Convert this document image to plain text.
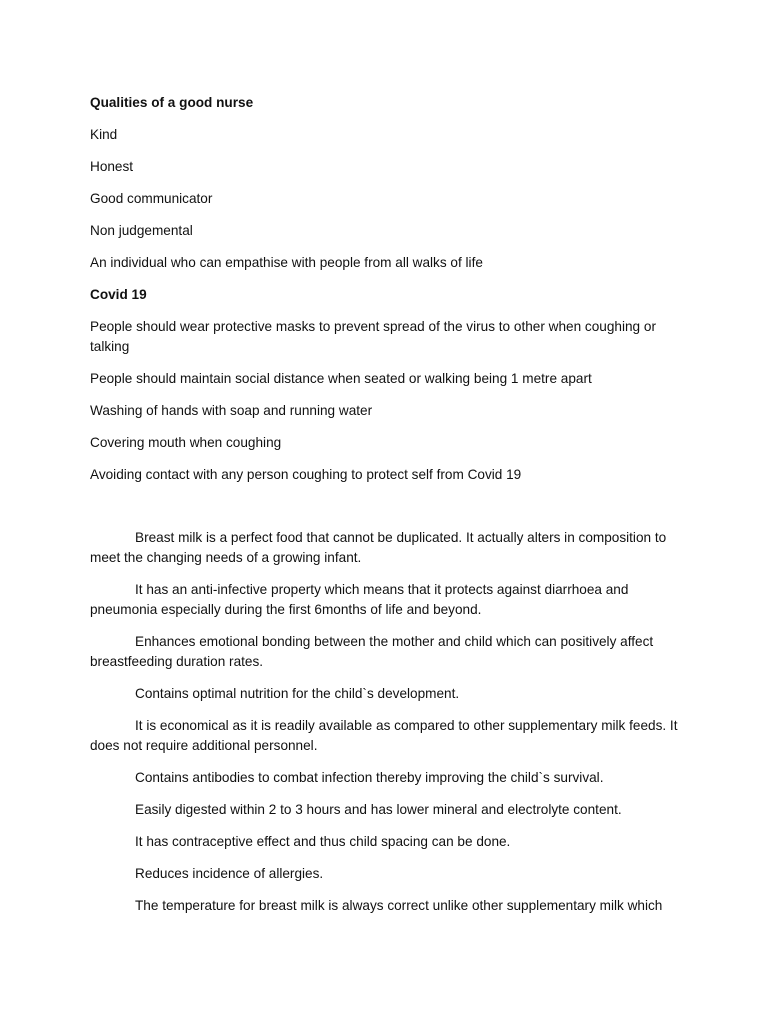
Qualities of a good nurse

Kind

Honest

Good communicator

Non judgemental

An individual who can empathise with people from all walks of life

Covid 19

People should wear protective masks to prevent spread of the virus to other when coughing or talking

People should maintain social distance when seated or walking being 1 metre apart

Washing of hands with soap and running water

Covering mouth when coughing

Avoiding contact with any person coughing to protect self from Covid 19

Breast milk is a perfect food that cannot be duplicated. It actually alters in composition to meet the changing needs of a growing infant.

It has an anti-infective property which means that it protects against diarrhoea and pneumonia especially during the first 6months of life and beyond.

Enhances emotional bonding between the mother and child which can positively affect breastfeeding duration rates.

Contains optimal nutrition for the child`s development.

It is economical as it is readily available as compared to other supplementary milk feeds. It does not require additional personnel.

Contains antibodies to combat infection thereby improving the child`s survival.

Easily digested within 2 to 3 hours and has lower mineral and electrolyte content.

It has contraceptive effect and thus child spacing can be done.

Reduces incidence of allergies.

The temperature for breast milk is always correct unlike other supplementary milk which
